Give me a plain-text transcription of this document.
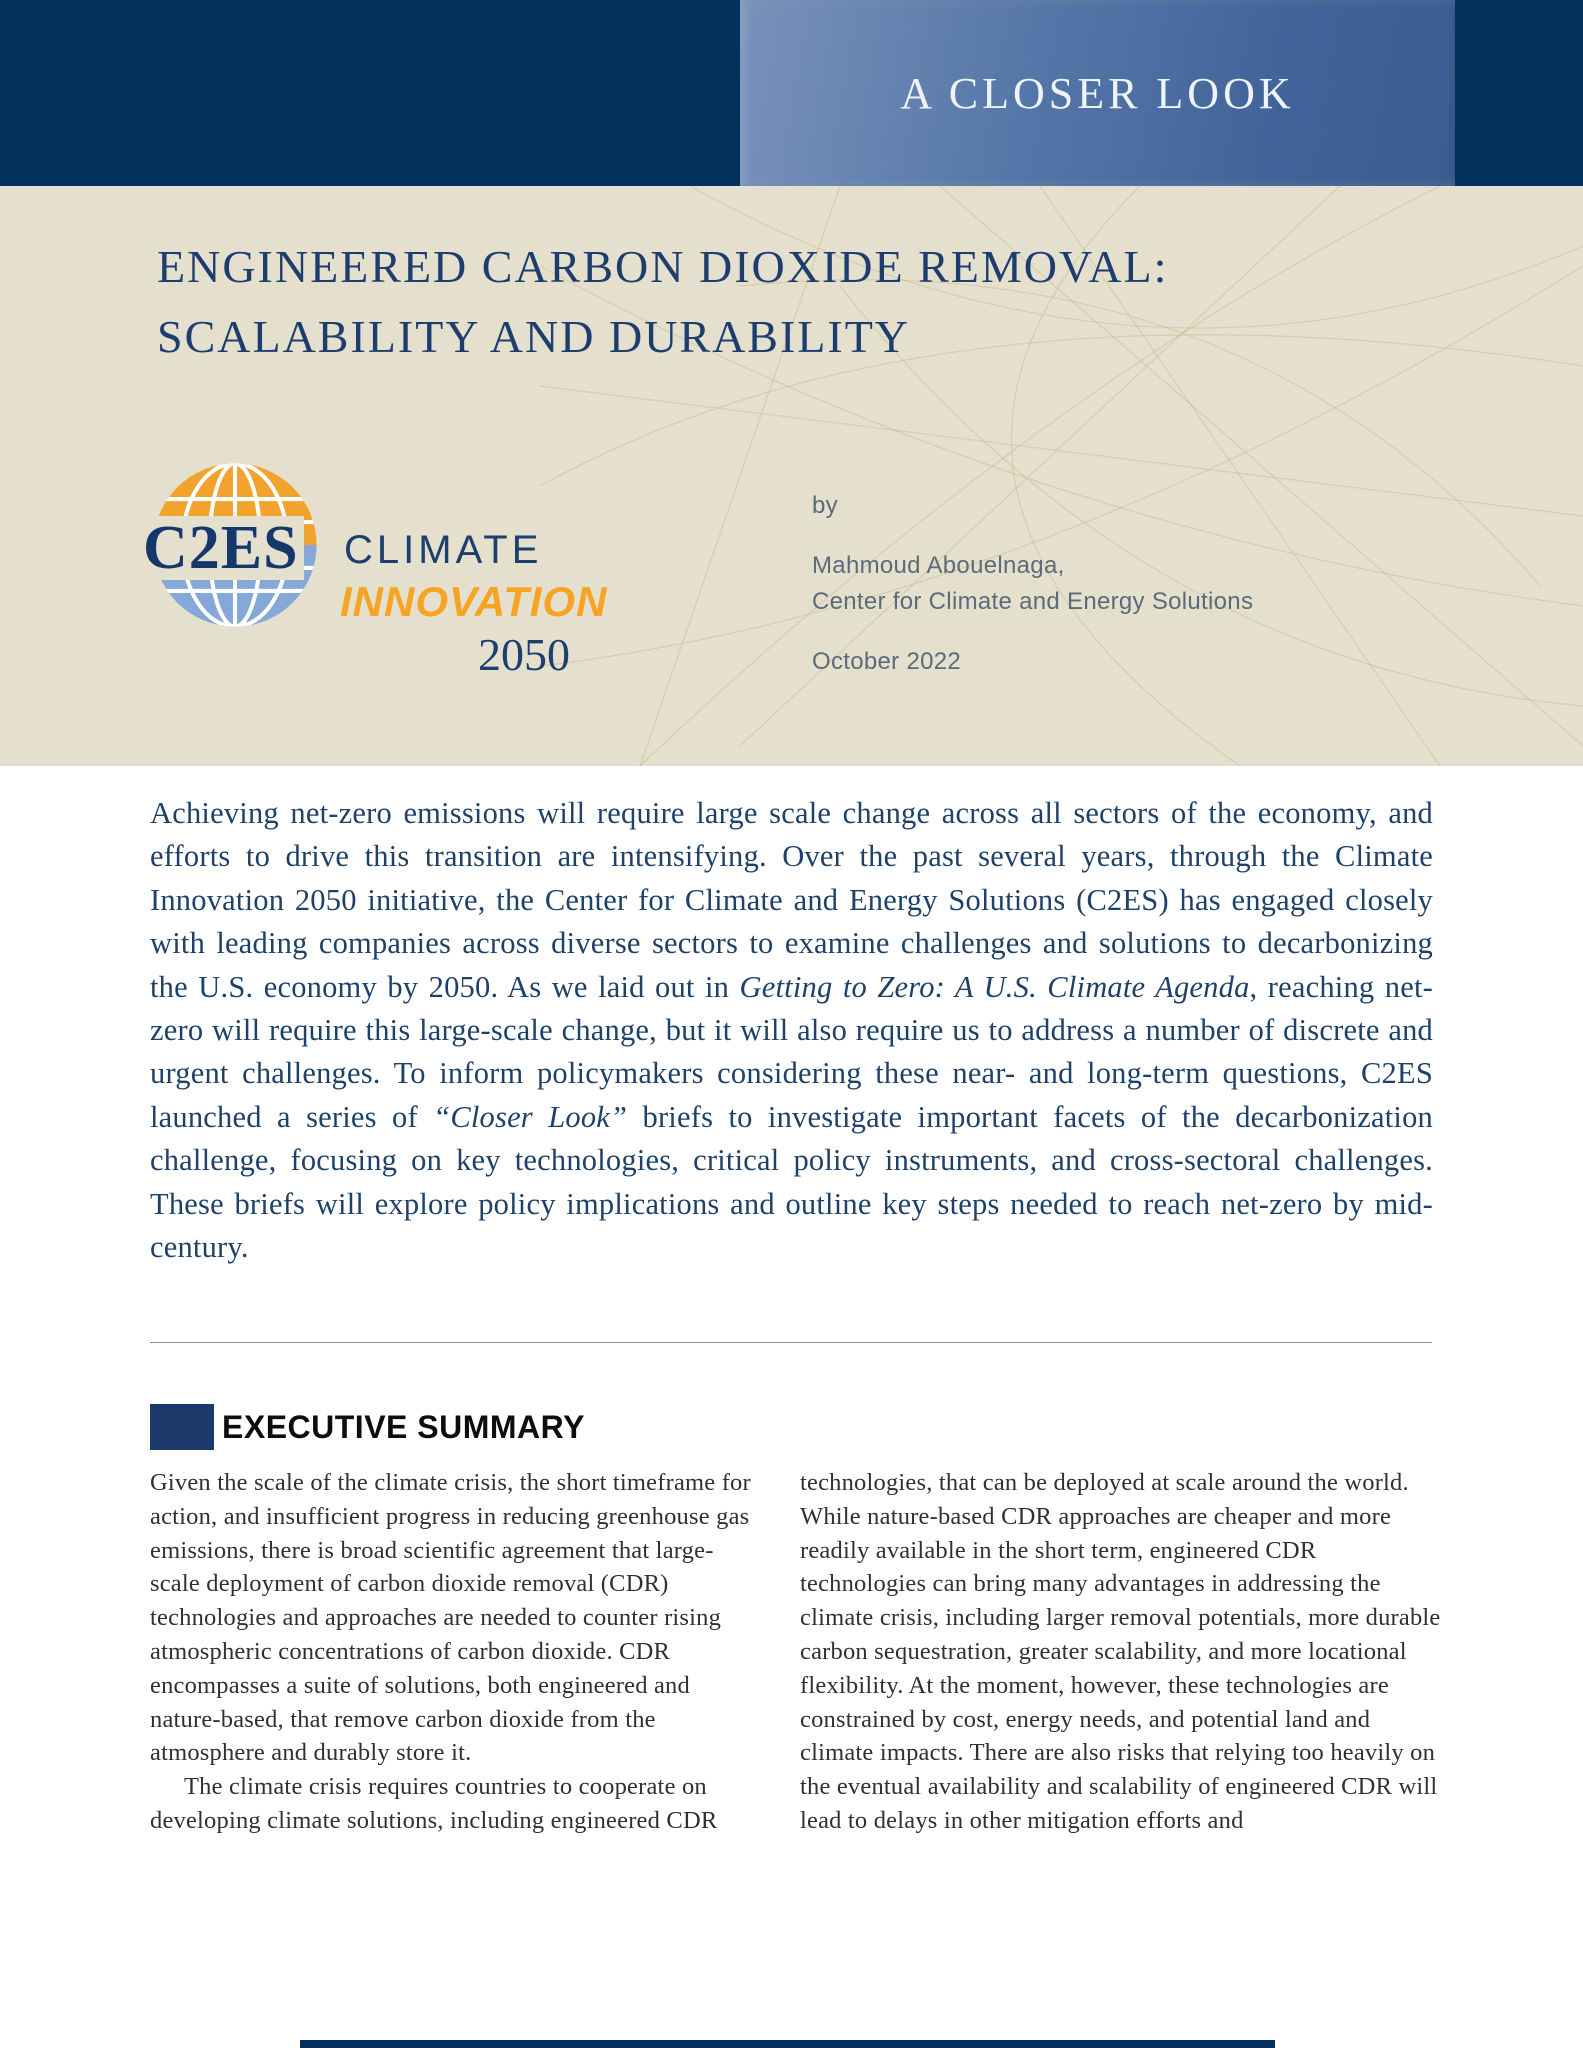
A CLOSER LOOK
ENGINEERED CARBON DIOXIDE REMOVAL:
SCALABILITY AND DURABILITY
C2ES CLIMATE
INNOVATION
2050
by
Mahmoud Abouelnaga,
Center for Climate and Energy Solutions
October 2022
Achieving net-zero emissions will require large scale change across all sectors of the economy, and efforts to drive this transition are intensifying. Over the past several years, through the Climate Innovation 2050 initiative, the Center for Climate and Energy Solutions (C2ES) has engaged closely with leading companies across diverse sectors to examine challenges and solutions to decarbonizing the U.S. economy by 2050. As we laid out in Getting to Zero: A U.S. Climate Agenda, reaching net-zero will require this large-scale change, but it will also require us to address a number of discrete and urgent challenges. To inform policymakers considering these near- and long-term questions, C2ES launched a series of “Closer Look” briefs to investigate important facets of the decarbonization challenge, focusing on key technologies, critical policy instruments, and cross-sectoral challenges. These briefs will explore policy implications and outline key steps needed to reach net-zero by mid-century.
EXECUTIVE SUMMARY

Given the scale of the climate crisis, the short timeframe for action, and insufficient progress in reducing greenhouse gas emissions, there is broad scientific agreement that large-scale deployment of carbon dioxide removal (CDR) technologies and approaches are needed to counter rising atmospheric concentrations of carbon dioxide. CDR encompasses a suite of solutions, both engineered and nature-based, that remove carbon dioxide from the atmosphere and durably store it.

The climate crisis requires countries to cooperate on developing climate solutions, including engineered CDR

technologies, that can be deployed at scale around the world. While nature-based CDR approaches are cheaper and more readily available in the short term, engineered CDR technologies can bring many advantages in addressing the climate crisis, including larger removal potentials, more durable carbon sequestration, greater scalability, and more locational flexibility. At the moment, however, these technologies are constrained by cost, energy needs, and potential land and climate impacts. There are also risks that relying too heavily on the eventual availability and scalability of engineered CDR will lead to delays in other mitigation efforts and
